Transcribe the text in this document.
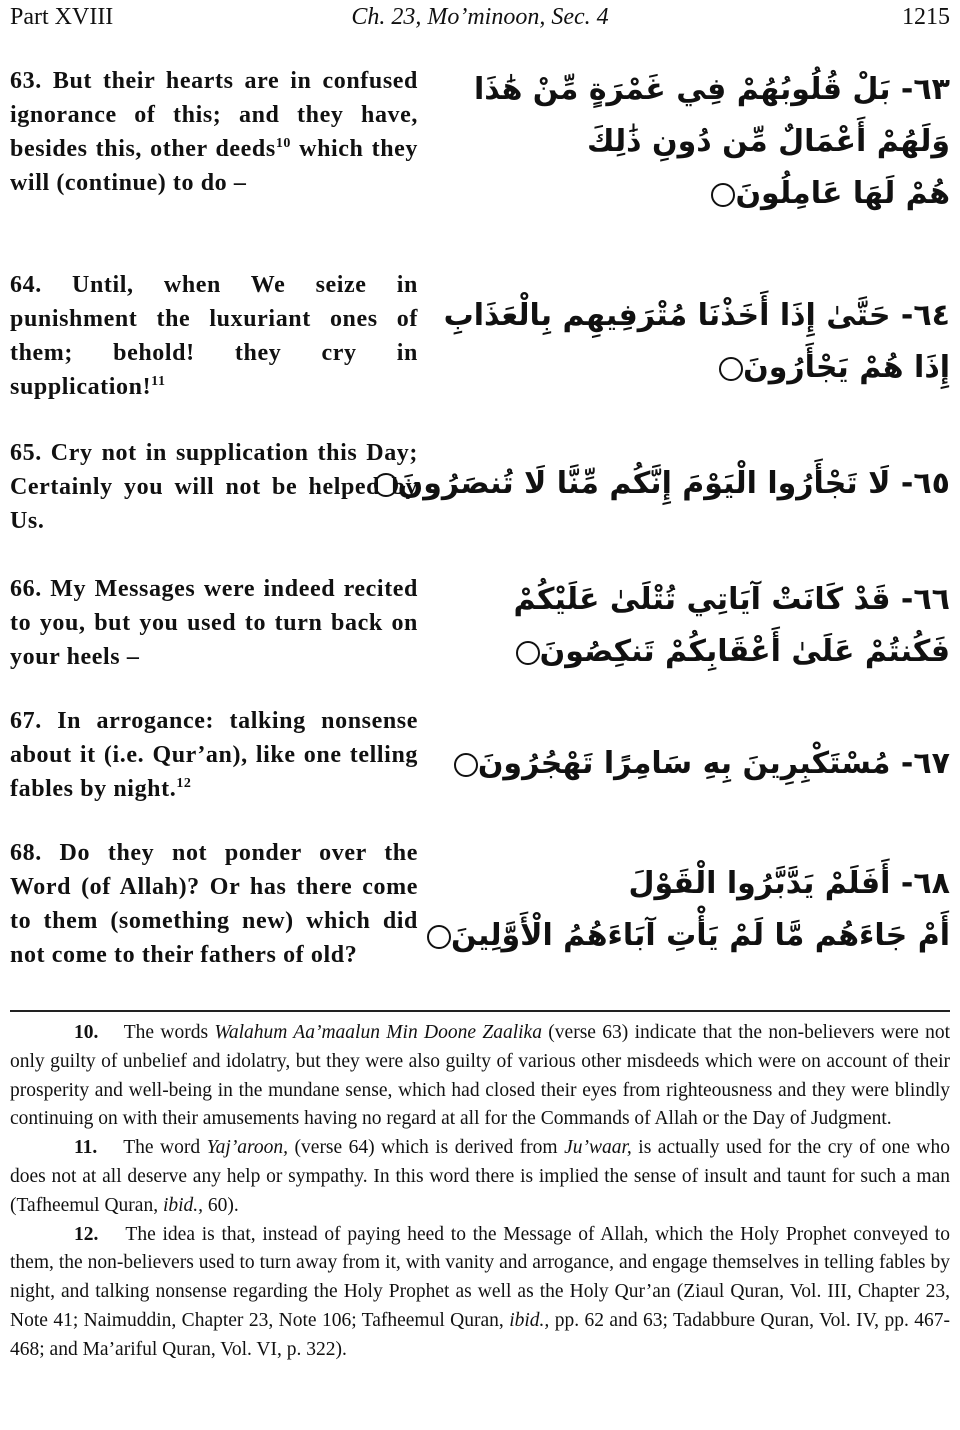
Ch. 23, Mo’minoon, Sec. 4
Part XVIII	1215
63. But their hearts are in confused ignorance of this; and they have, besides this, other deeds$^{10}$ which they will (continue) to do –
٦٣- بَلْ قُلُوبُهُمْ فِي غَمْرَةٍ مِّنْ هَٰذَا
وَلَهُمْ أَعْمَالٌ مِّن دُونِ ذَٰلِكَ
هُمْ لَهَا عَامِلُونَ
64. Until, when We seize in punishment the luxuriant ones of them; behold! they cry in supplication!$^{11}$
٦٤- حَتَّىٰ إِذَا أَخَذْنَا مُتْرَفِيهِم بِالْعَذَابِ
إِذَا هُمْ يَجْأَرُونَ
65. Cry not in supplication this Day; Certainly you will not be helped by Us.
٦٥- لَا تَجْأَرُوا الْيَوْمَ إِنَّكُم مِّنَّا لَا تُنصَرُونَ
66. My Messages were indeed recited to you, but you used to turn back on your heels –
٦٦- قَدْ كَانَتْ آيَاتِي تُتْلَىٰ عَلَيْكُمْ
فَكُنتُمْ عَلَىٰ أَعْقَابِكُمْ تَنكِصُونَ
67. In arrogance: talking nonsense about it (i.e. Qur’an), like one telling fables by night.$^{12}$
٦٧- مُسْتَكْبِرِينَ بِهِ سَامِرًا تَهْجُرُونَ
68. Do they not ponder over the Word (of Allah)? Or has there come to them (something new) which did not come to their fathers of old?
٦٨- أَفَلَمْ يَدَّبَّرُوا الْقَوْلَ
أَمْ جَاءَهُم مَّا لَمْ يَأْتِ آبَاءَهُمُ الْأَوَّلِينَ

10. The words Walahum Aa’maalun Min Doone Zaalika (verse 63) indicate that the non-believers were not only guilty of unbelief and idolatry, but they were also guilty of various other misdeeds which were on account of their prosperity and well-being in the mundane sense, which had closed their eyes from righteousness and they were blindly continuing on with their amusements having no regard at all for the Commands of Allah or the Day of Judgment.

11. The word Yaj’aroon, (verse 64) which is derived from Ju’waar, is actually used for the cry of one who does not at all deserve any help or sympathy. In this word there is implied the sense of insult and taunt for such a man (Tafheemul Quran, ibid., 60).

12. The idea is that, instead of paying heed to the Message of Allah, which the Holy Prophet conveyed to them, the non-believers used to turn away from it, with vanity and arrogance, and engage themselves in telling fables by night, and talking nonsense regarding the Holy Prophet as well as the Holy Qur’an (Ziaul Quran, Vol. III, Chapter 23, Note 41; Naimuddin, Chapter 23, Note 106; Tafheemul Quran, ibid., pp. 62 and 63; Tadabbure Quran, Vol. IV, pp. 467-468; and Ma’ariful Quran, Vol. VI, p. 322).
